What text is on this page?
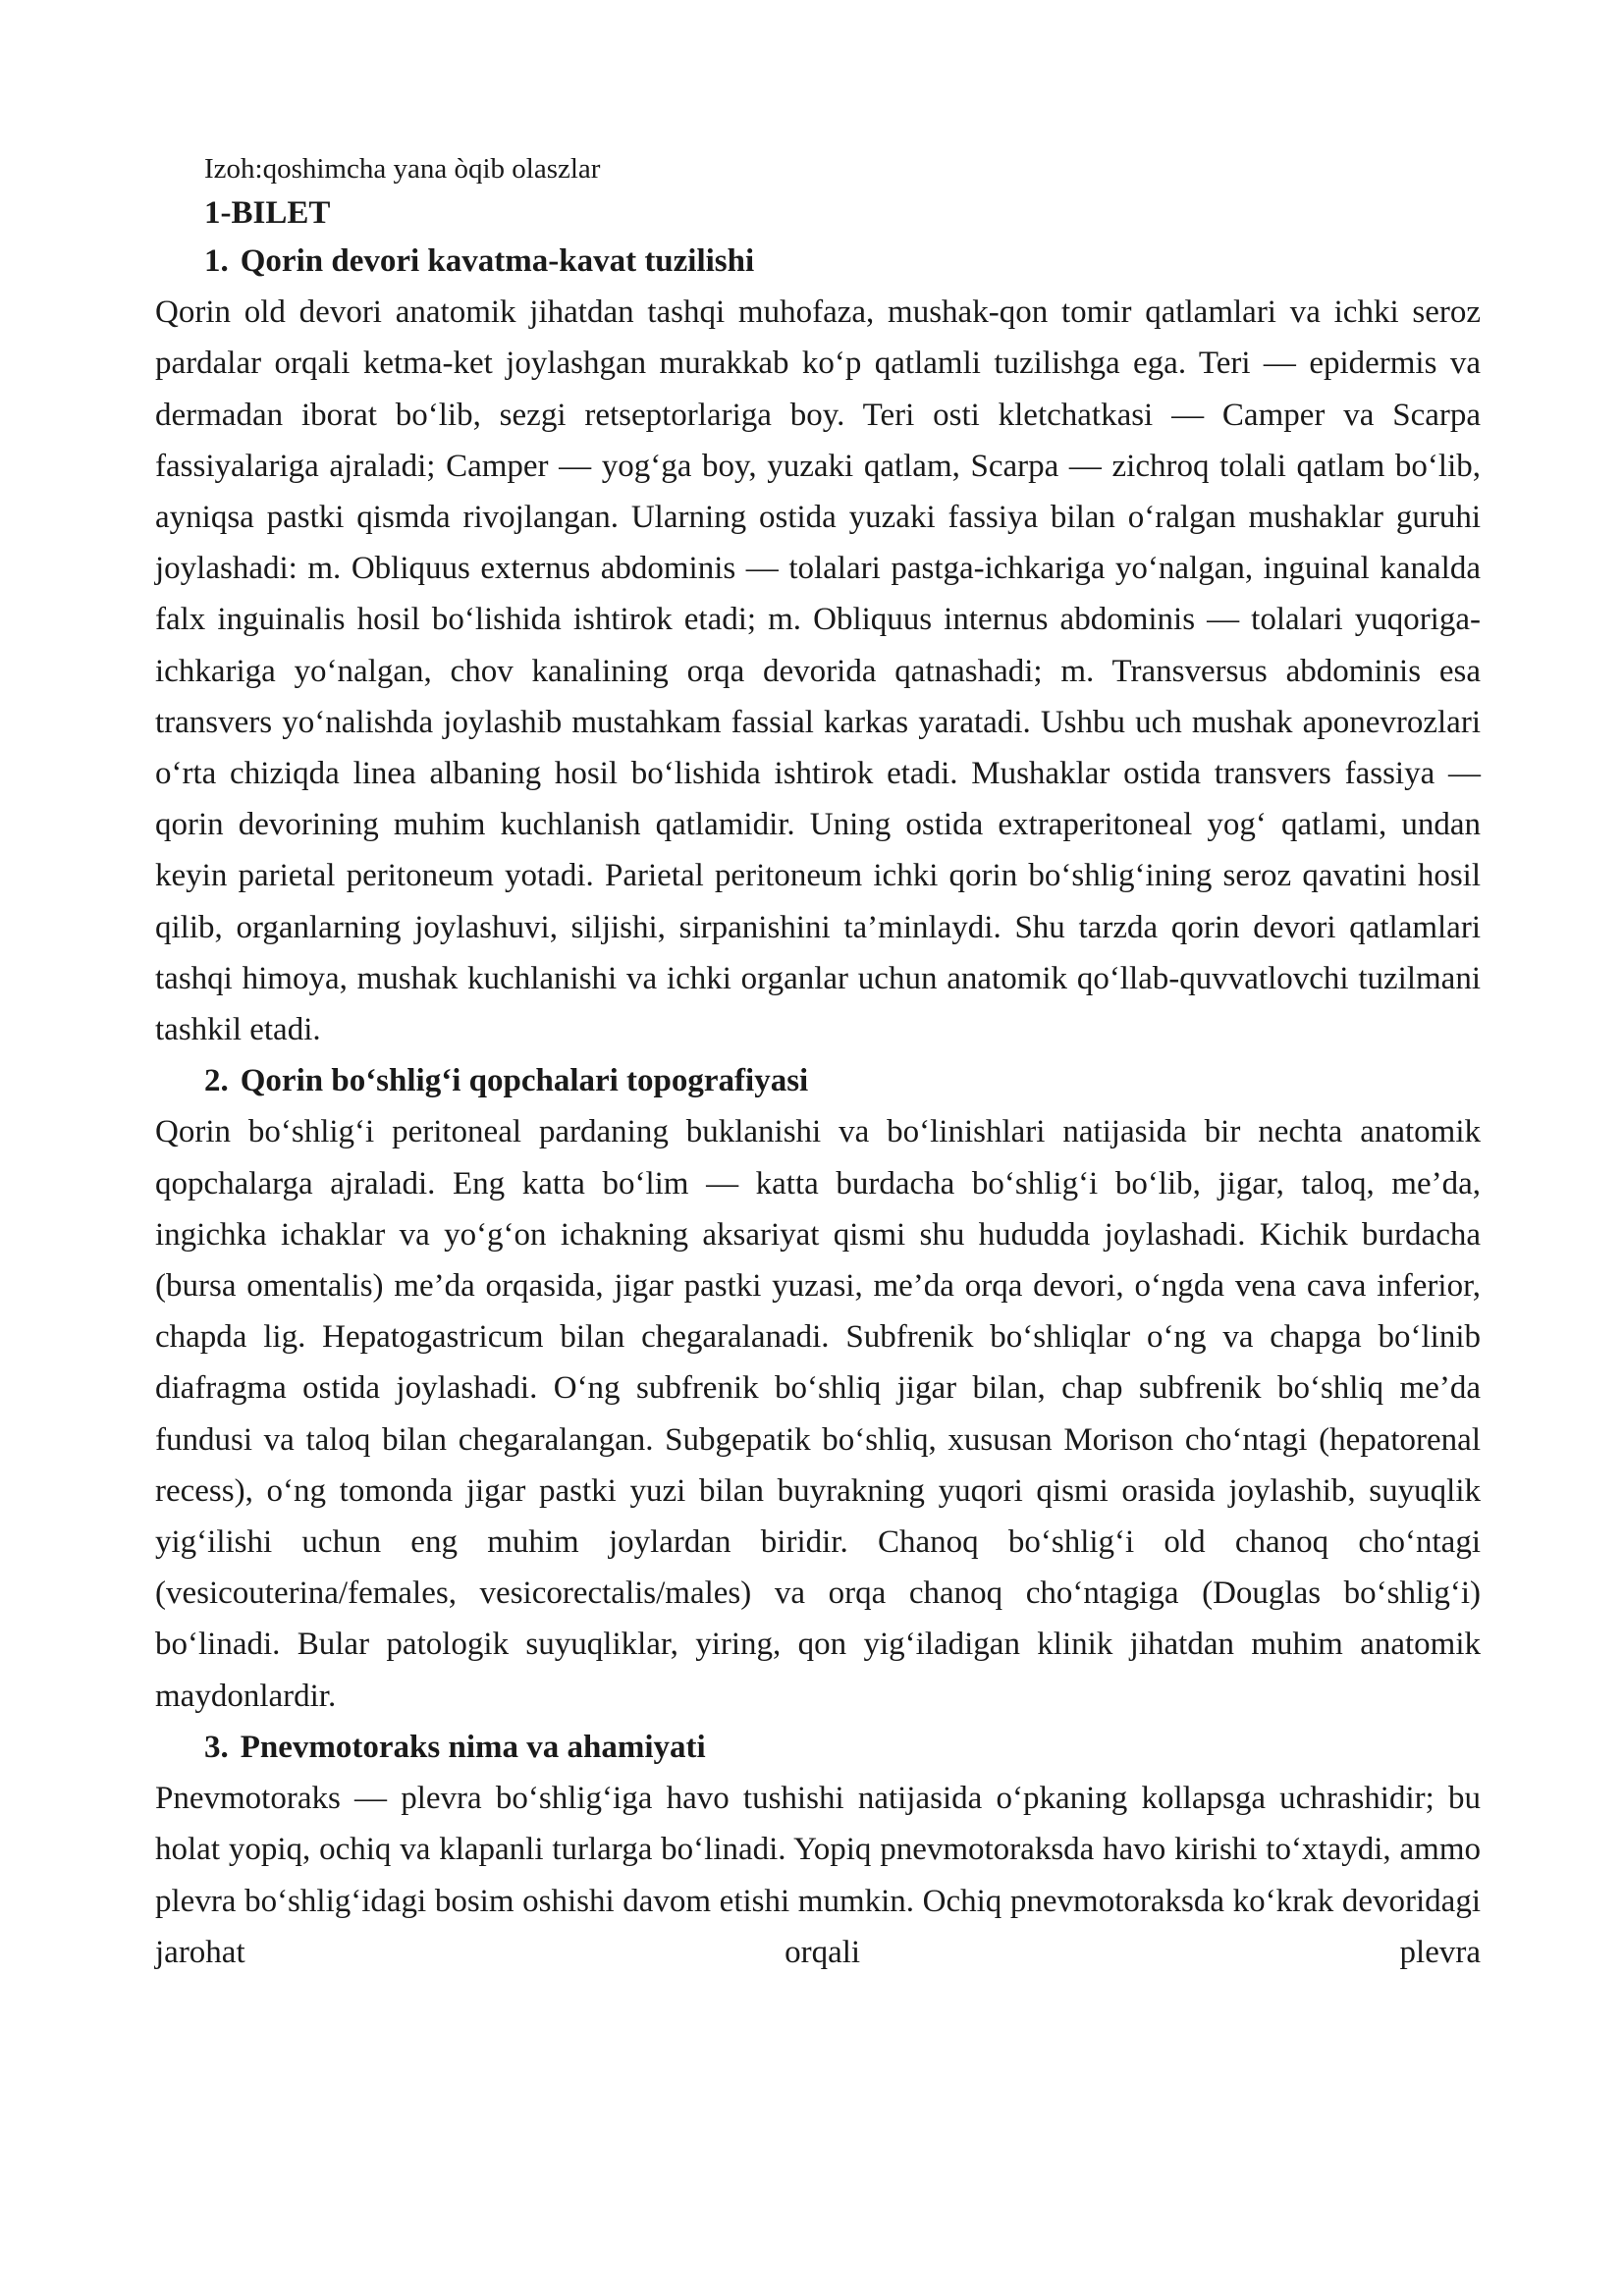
Izoh:qoshimcha yana òqib olaszlar
1-BILET
1. Qorin devori kavatma-kavat tuzilishi

Qorin old devori anatomik jihatdan tashqi muhofaza, mushak-qon tomir qatlamlari va ichki seroz pardalar orqali ketma-ket joylashgan murakkab ko‘p qatlamli tuzilishga ega. Teri — epidermis va dermadan iborat bo‘lib, sezgi retseptorlariga boy. Teri osti kletchatkasi — Camper va Scarpa fassiyalariga ajraladi; Camper — yog‘ga boy, yuzaki qatlam, Scarpa — zichroq tolali qatlam bo‘lib, ayniqsa pastki qismda rivojlangan. Ularning ostida yuzaki fassiya bilan o‘ralgan mushaklar guruhi joylashadi: m. Obliquus externus abdominis — tolalari pastga-ichkariga yo‘nalgan, inguinal kanalda falx inguinalis hosil bo‘lishida ishtirok etadi; m. Obliquus internus abdominis — tolalari yuqoriga-ichkariga yo‘nalgan, chov kanalining orqa devorida qatnashadi; m. Transversus abdominis esa transvers yo‘nalishda joylashib mustahkam fassial karkas yaratadi. Ushbu uch mushak aponevrozlari o‘rta chiziqda linea albaning hosil bo‘lishida ishtirok etadi. Mushaklar ostida transvers fassiya — qorin devorining muhim kuchlanish qatlamidir. Uning ostida extraperitoneal yog‘ qatlami, undan keyin parietal peritoneum yotadi. Parietal peritoneum ichki qorin bo‘shlig‘ining seroz qavatini hosil qilib, organlarning joylashuvi, siljishi, sirpanishini ta’minlaydi. Shu tarzda qorin devori qatlamlari tashqi himoya, mushak kuchlanishi va ichki organlar uchun anatomik qo‘llab-quvvatlovchi tuzilmani tashkil etadi.

2. Qorin bo‘shlig‘i qopchalari topografiyasi

Qorin bo‘shlig‘i peritoneal pardaning buklanishi va bo‘linishlari natijasida bir nechta anatomik qopchalarga ajraladi. Eng katta bo‘lim — katta burdacha bo‘shlig‘i bo‘lib, jigar, taloq, me’da, ingichka ichaklar va yo‘g‘on ichakning aksariyat qismi shu hududda joylashadi. Kichik burdacha (bursa omentalis) me’da orqasida, jigar pastki yuzasi, me’da orqa devori, o‘ngda vena cava inferior, chapda lig. Hepatogastricum bilan chegaralanadi. Subfrenik bo‘shliqlar o‘ng va chapga bo‘linib diafragma ostida joylashadi. O‘ng subfrenik bo‘shliq jigar bilan, chap subfrenik bo‘shliq me’da fundusi va taloq bilan chegaralangan. Subgepatik bo‘shliq, xususan Morison cho‘ntagi (hepatorenal recess), o‘ng tomonda jigar pastki yuzi bilan buyrakning yuqori qismi orasida joylashib, suyuqlik yig‘ilishi uchun eng muhim joylardan biridir. Chanoq bo‘shlig‘i old chanoq cho‘ntagi (vesicouterina/females, vesicorectalis/males) va orqa chanoq cho‘ntagiga (Douglas bo‘shlig‘i) bo‘linadi. Bular patologik suyuqliklar, yiring, qon yig‘iladigan klinik jihatdan muhim anatomik maydonlardir.

3. Pnevmotoraks nima va ahamiyati

Pnevmotoraks — plevra bo‘shlig‘iga havo tushishi natijasida o‘pkaning kollapsga uchrashidir; bu holat yopiq, ochiq va klapanli turlarga bo‘linadi. Yopiq pnevmotoraksda havo kirishi to‘xtaydi, ammo plevra bo‘shlig‘idagi bosim oshishi davom etishi mumkin. Ochiq pnevmotoraksda ko‘krak devoridagi jarohat orqali plevra
